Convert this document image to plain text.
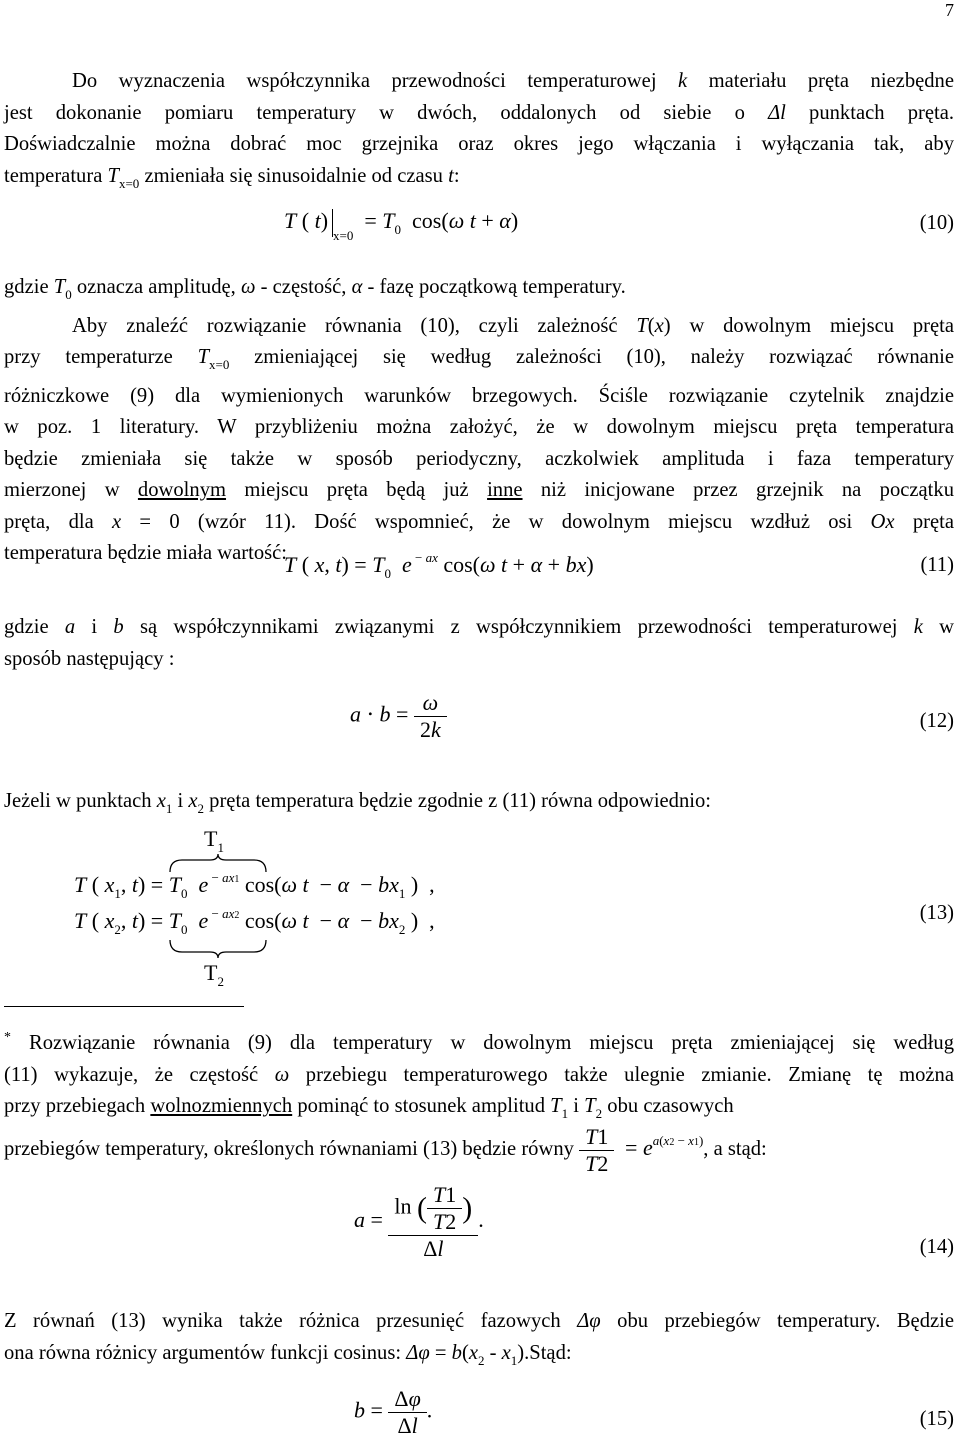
7
Do wyznaczenia współczynnika przewodności temperaturowej k materiału pręta niezbędne
jest dokonanie pomiaru temperatury w dwóch, oddalonych od siebie o Δl punktach pręta.
Doświadczalnie można dobrać moc grzejnika oraz okres jego włączania i wyłączania tak, aby
temperatura $T_{x=0}$ zmieniała się sinusoidalnie od czasu t:
T ( $t)_{x=0} = T_0$  cos(ω t + α)	(10)
gdzie $T_0$ oznacza amplitudę, ω - częstość, α - fazę początkową temperatury.
Aby znaleźć rozwiązanie równania (10), czyli zależność T(x) w dowolnym miejscu pręta
przy temperaturze $T_{x=0}$ zmieniającej się według zależności (10), należy rozwiązać równanie
różniczkowe (9) dla wymienionych warunków brzegowych. Ściśle rozwiązanie czytelnik znajdzie
w poz. 1 literatury. W przybliżeniu można założyć, że w dowolnym miejscu pręta temperatura
będzie zmieniała się także w sposób periodyczny, aczkolwiek amplituda i faza temperatury
mierzonej w dowolnym miejscu pręta będą już inne niż inicjowane przez grzejnik na początku
pręta, dla x = 0 (wzór 11). Dość wspomnieć, że w dowolnym miejscu wzdłuż osi Ox pręta
temperatura będzie miała wartość:
T ( x, $t) = T_0$ e $^{- ax}$ cos(ω t + α + bx)	(11)
gdzie a i b są współczynnikami związanymi z współczynnikiem przewodności temperaturowej k w
sposób następujący :
$a \cdot b = \frac{\omega}{2k}$	(12)
Jeżeli w punktach $x_1$ i $x_2$ pręta temperatura będzie zgodnie z (11) równa odpowiednio:
$T_1$
T ( $x_1$, $t) = T_0$ e $^{- ax1}$ cos(ω $t - \alpha - bx_1$ )  ,
T ( $x_2$, $t) = T_0$ e $^{- ax2}$ cos(ω $t - \alpha - bx_2$ )  ,
$T_2$
(13)
* Rozwiązanie równania (9) dla temperatury w dowolnym miejscu pręta zmieniającej się według
(11) wykazuje, że częstość ω przebiegu temperaturowego także ulegnie zmianie. Zmianę tę można
przy przebiegach wolnozmiennych pominąć to stosunek amplitud $T_1$ i $T_2$ obu czasowych
przebiegów temperatury, określonych równaniami (13) będzie równy $\frac{T1}{T2} = e^{a(x2 - x1)}$, a stąd:
$a = \frac{\ln ( \frac{T1}{T2} )}{\Delta l}$ .
(14)
Z równań (13) wynika także różnica przesunięć fazowych Δφ obu przebiegów temperatury. Będzie
ona równa różnicy argumentów funkcji cosinus: $\Delta\varphi = b(x_2$ - $x_1).Stąd$:
$b = \frac{\Delta\varphi}{\Delta l}$ .	(15)
